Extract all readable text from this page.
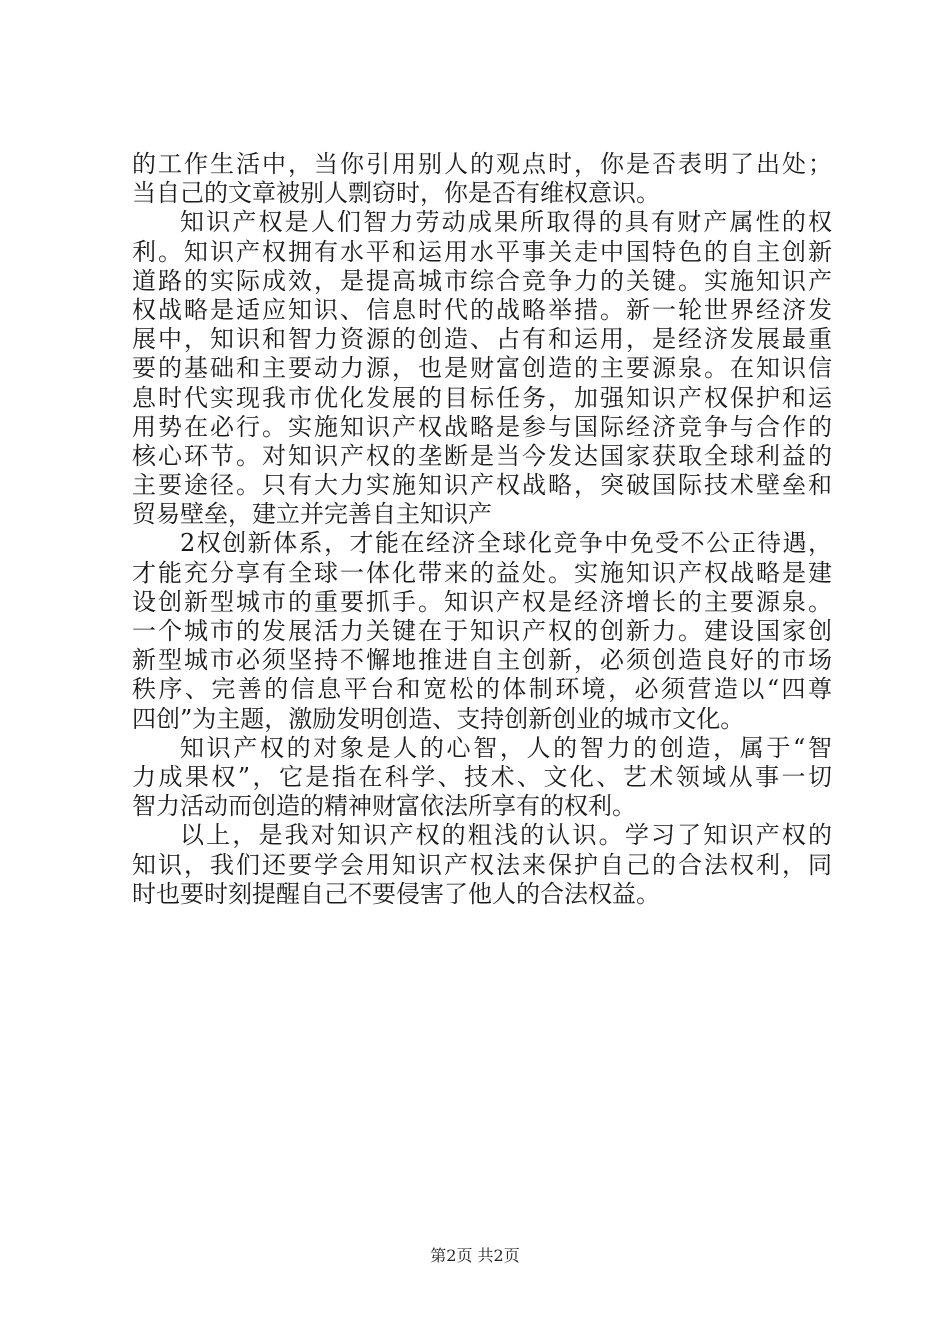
的工作生活中，当你引用别人的观点时，你是否表明了出处；
当自己的文章被别人剽窃时，你是否有维权意识。
知识产权是人们智力劳动成果所取得的具有财产属性的权
利。知识产权拥有水平和运用水平事关走中国特色的自主创新
道路的实际成效，是提高城市综合竞争力的关键。实施知识产
权战略是适应知识、信息时代的战略举措。新一轮世界经济发
展中，知识和智力资源的创造、占有和运用，是经济发展最重
要的基础和主要动力源，也是财富创造的主要源泉。在知识信
息时代实现我市优化发展的目标任务，加强知识产权保护和运
用势在必行。实施知识产权战略是参与国际经济竞争与合作的
核心环节。对知识产权的垄断是当今发达国家获取全球利益的
主要途径。只有大力实施知识产权战略，突破国际技术壁垒和
贸易壁垒，建立并完善自主知识产
2权创新体系，才能在经济全球化竞争中免受不公正待遇，
才能充分享有全球一体化带来的益处。实施知识产权战略是建
设创新型城市的重要抓手。知识产权是经济增长的主要源泉。
一个城市的发展活力关键在于知识产权的创新力。建设国家创
新型城市必须坚持不懈地推进自主创新，必须创造良好的市场
秩序、完善的信息平台和宽松的体制环境，必须营造以“四尊
四创”为主题，激励发明创造、支持创新创业的城市文化。
知识产权的对象是人的心智，人的智力的创造，属于“智
力成果权”，它是指在科学、技术、文化、艺术领域从事一切
智力活动而创造的精神财富依法所享有的权利。
以上，是我对知识产权的粗浅的认识。学习了知识产权的
知识，我们还要学会用知识产权法来保护自己的合法权利，同
时也要时刻提醒自己不要侵害了他人的合法权益。
第2页 共2页
